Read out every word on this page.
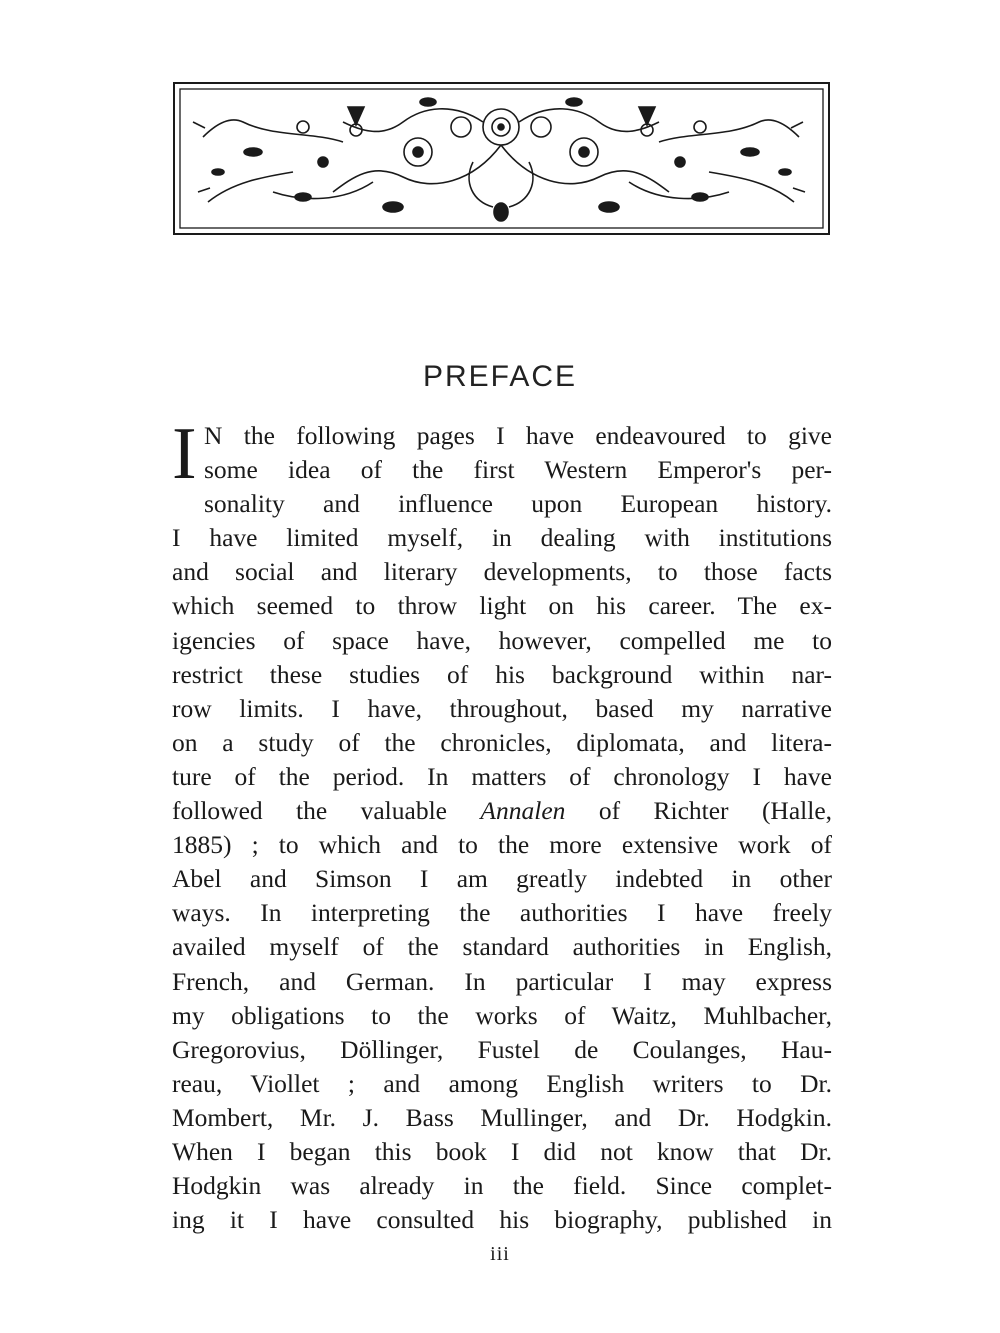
PREFACE
I N the following pages I have endeavoured to give
some idea of the first Western Emperor's per-
sonality and influence upon European history.
I have limited myself, in dealing with institutions
and social and literary developments, to those facts
which seemed to throw light on his career. The ex-
igencies of space have, however, compelled me to
restrict these studies of his background within nar-
row limits. I have, throughout, based my narrative
on a study of the chronicles, diplomata, and litera-
ture of the period. In matters of chronology I have
followed the valuable Annalen of Richter (Halle,
1885) ; to which and to the more extensive work of
Abel and Simson I am greatly indebted in other
ways. In interpreting the authorities I have freely
availed myself of the standard authorities in English,
French, and German. In particular I may express
my obligations to the works of Waitz, Muhlbacher,
Gregorovius, Döllinger, Fustel de Coulanges, Hau-
reau, Viollet ; and among English writers to Dr.
Mombert, Mr. J. Bass Mullinger, and Dr. Hodgkin.
When I began this book I did not know that Dr.
Hodgkin was already in the field. Since complet-
ing it I have consulted his biography, published in
iii
